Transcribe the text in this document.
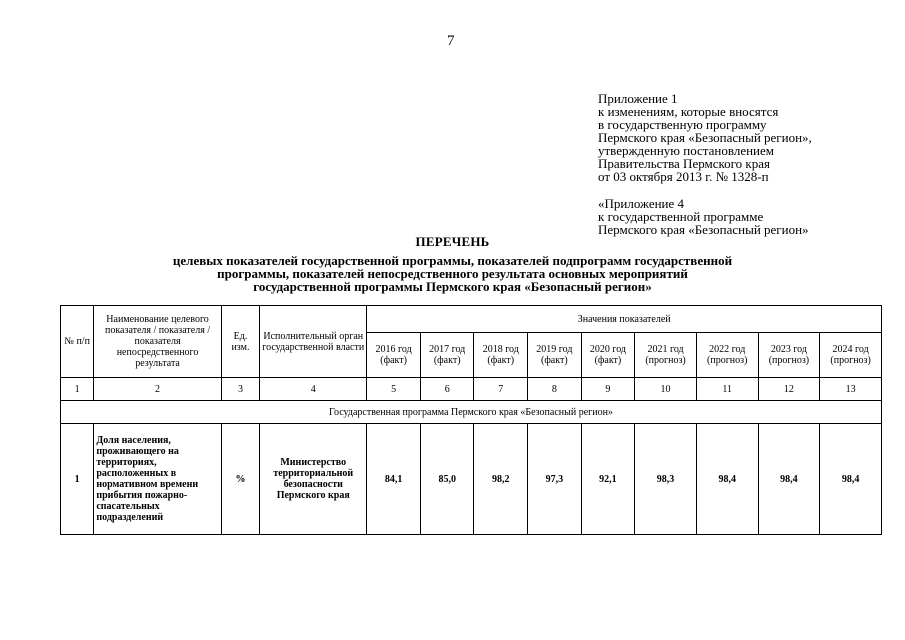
7
Приложение 1
к изменениям, которые вносятся
в государственную программу
Пермского края «Безопасный регион»,
утвержденную постановлением
Правительства Пермского края
от 03 октября 2013 г. № 1328-п
«Приложение 4
к государственной программе
Пермского края «Безопасный регион»
ПЕРЕЧЕНЬ
целевых показателей государственной программы, показателей подпрограмм государственной
программы, показателей непосредственного результата основных мероприятий
государственной программы Пермского края «Безопасный регион»
№ п/п	Наименование целевого показателя / показателя / показателя непосредственного результата	Ед. изм.	Исполнительный орган государственной власти	Значения показателей								
				2016 год (факт)	2017 год (факт)	2018 год (факт)	2019 год (факт)	2020 год (факт)	2021 год (прогноз)	2022 год (прогноз)	2023 год (прогноз)	2024 год (прогноз)
1	2	3	4	5	6	7	8	9	10	11	12	13
Государственная программа Пермского края «Безопасный регион»												
1	Доля населения, проживающего на территориях, расположенных в нормативном времени прибытия пожарно-спасательных подразделений	%	Министерство территориальной безопасности Пермского края	84,1	85,0	98,2	97,3	92,1	98,3	98,4	98,4	98,4
